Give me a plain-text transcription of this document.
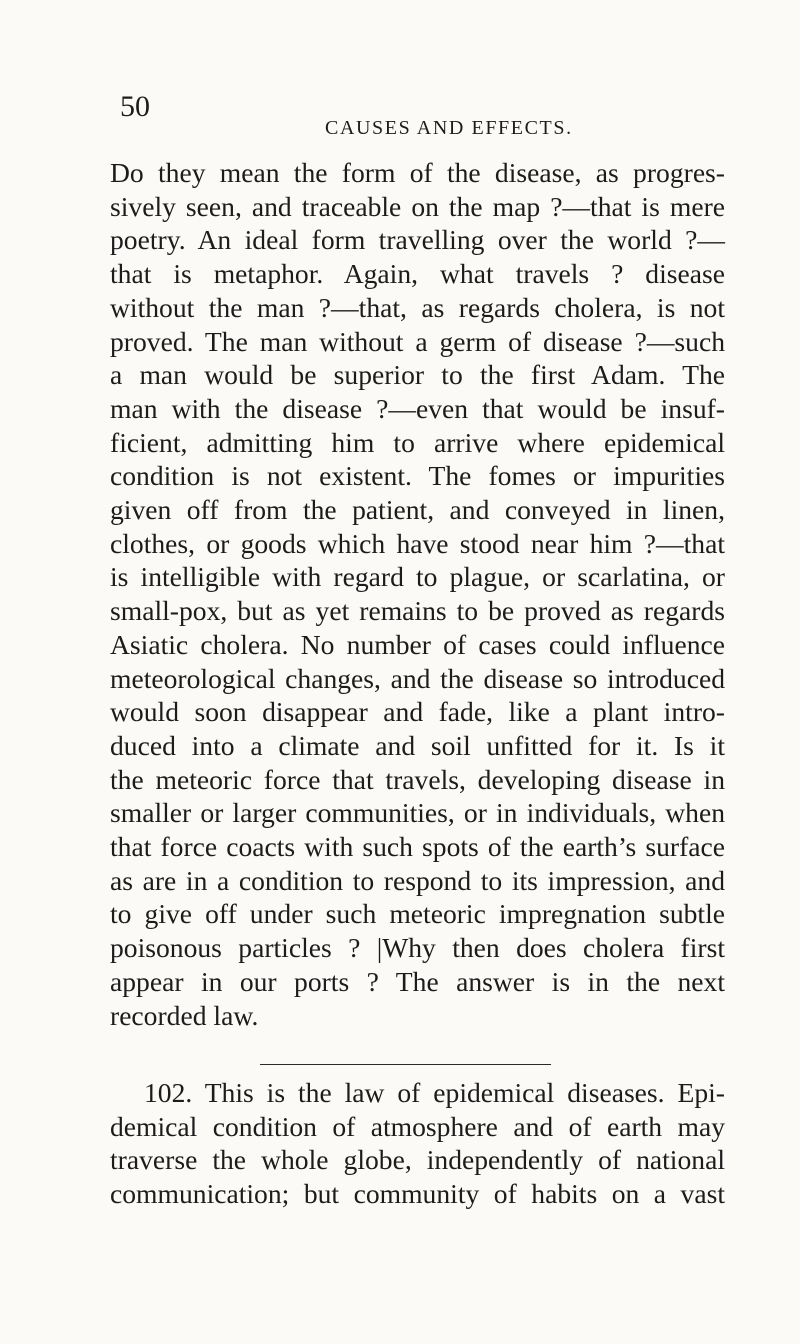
50
CAUSES AND EFFECTS.
Do they mean the form of the disease, as progres-
sively seen, and traceable on the map ?—that is mere
poetry. An ideal form travelling over the world ?—
that is metaphor. Again, what travels ? disease
without the man ?—that, as regards cholera, is not
proved. The man without a germ of disease ?—such
a man would be superior to the first Adam. The
man with the disease ?—even that would be insuf-
ficient, admitting him to arrive where epidemical
condition is not existent. The fomes or impurities
given off from the patient, and conveyed in linen,
clothes, or goods which have stood near him ?—that
is intelligible with regard to plague, or scarlatina, or
small-pox, but as yet remains to be proved as regards
Asiatic cholera. No number of cases could influence
meteorological changes, and the disease so introduced
would soon disappear and fade, like a plant intro-
duced into a climate and soil unfitted for it. Is it
the meteoric force that travels, developing disease in
smaller or larger communities, or in individuals, when
that force coacts with such spots of the earth’s surface
as are in a condition to respond to its impression, and
to give off under such meteoric impregnation subtle
poisonous particles ? |Why then does cholera first
appear in our ports ? The answer is in the next
recorded law.
102. This is the law of epidemical diseases. Epi-
demical condition of atmosphere and of earth may
traverse the whole globe, independently of national
communication; but community of habits on a vast
